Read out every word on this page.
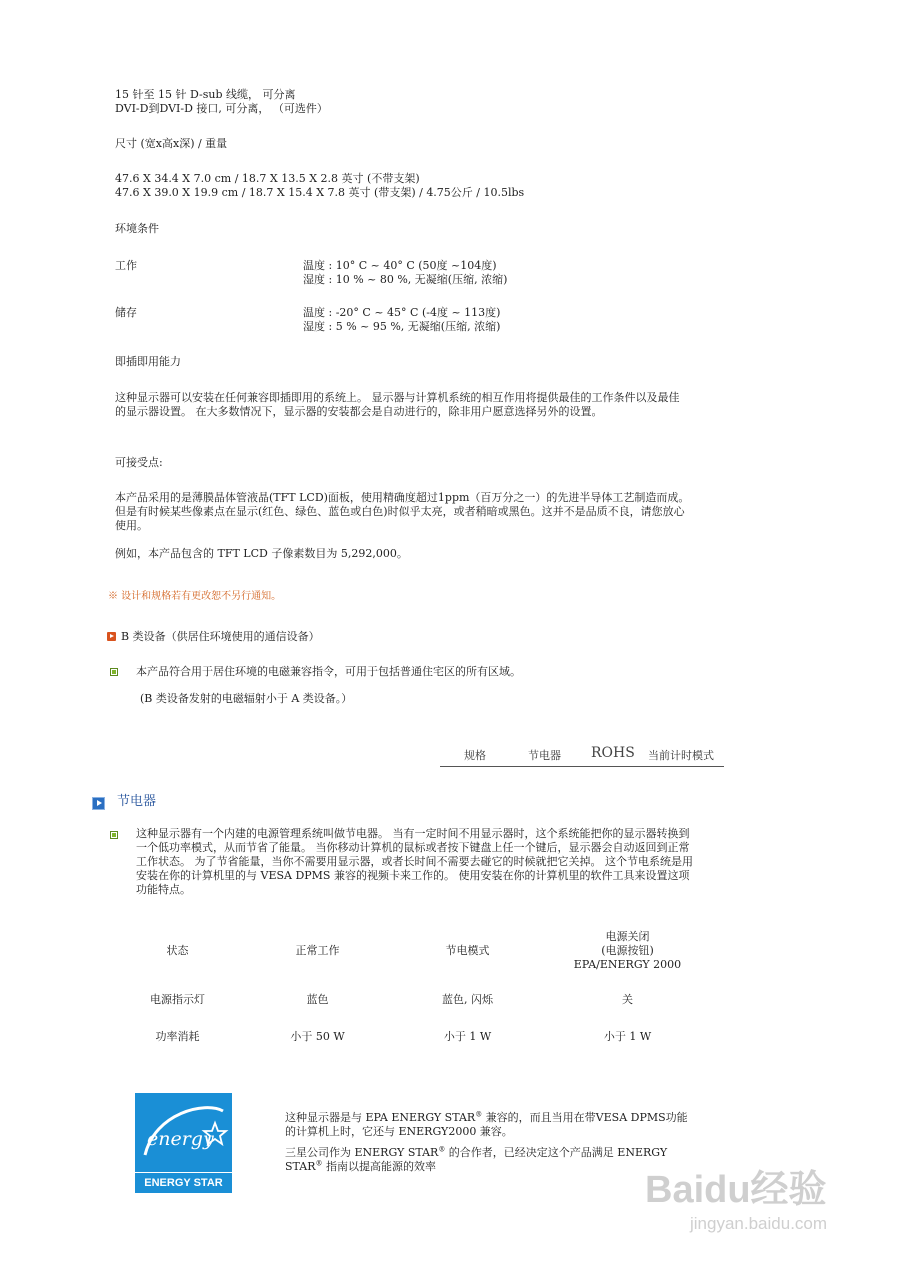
15 针至 15 针 D-sub 线缆， 可分离
DVI-D到DVI-D 接口, 可分离， （可选件）
尺寸 (宽x高x深) / 重量
47.6 X 34.4 X 7.0 cm / 18.7 X 13.5 X 2.8 英寸 (不带支架)
47.6 X 39.0 X 19.9 cm / 18.7 X 15.4 X 7.8 英寸 (带支架) / 4.75公斤 / 10.5lbs
环境条件
工作	温度 : 10° C ~ 40° C (50度 ~104度)
湿度 : 10 % ~ 80 %, 无凝缩(压缩, 浓缩)
储存	温度 : -20° C ~ 45° C (-4度 ~ 113度)
湿度 : 5 % ~ 95 %, 无凝缩(压缩, 浓缩)
即插即用能力
这种显示器可以安装在任何兼容即插即用的系统上。 显示器与计算机系统的相互作用将提供最佳的工作条件以及最佳的显示器设置。 在大多数情况下，显示器的安装都会是自动进行的，除非用户愿意选择另外的设置。
可接受点:
本产品采用的是薄膜晶体管液晶(TFT LCD)面板，使用精确度超过1ppm（百万分之一）的先进半导体工艺制造而成。但是有时候某些像素点在显示(红色、绿色、蓝色或白色)时似乎太亮，或者稍暗或黑色。这并不是品质不良，请您放心使用。
例如，本产品包含的 TFT LCD 子像素数目为 5,292,000。
※ 设计和规格若有更改恕不另行通知。
B 类设备（供居住环境使用的通信设备）
本产品符合用于居住环境的电磁兼容指令，可用于包括普通住宅区的所有区域。
(B 类设备发射的电磁辐射小于 A 类设备。）
规格	节电器 ROHS 当前计时模式
节电器
这种显示器有一个内建的电源管理系统叫做节电器。 当有一定时间不用显示器时，这个系统能把你的显示器转换到一个低功率模式，从而节省了能量。 当你移动计算机的鼠标或者按下键盘上任一个键后，显示器会自动返回到正常工作状态。 为了节省能量，当你不需要用显示器，或者长时间不需要去碰它的时候就把它关掉。 这个节电系统是用安装在你的计算机里的与 VESA DPMS 兼容的视频卡来工作的。 使用安装在你的计算机里的软件工具来设置这项功能特点。
状态	正常工作	节电模式	电源关闭
(电源按钮)
EPA/ENERGY 2000

电源指示灯	蓝色	蓝色, 闪烁	关
功率消耗	小于 50 W	小于 1 W	小于 1 W
energy
ENERGY STAR
这种显示器是与 EPA ENERGY STAR® 兼容的，而且当用在带VESA DPMS功能的计算机上时，它还与 ENERGY2000 兼容。
三星公司作为 ENERGY STAR® 的合作者，已经决定这个产品满足 ENERGY STAR® 指南以提高能源的效率
Baidu经验
jingyan.baidu.com
